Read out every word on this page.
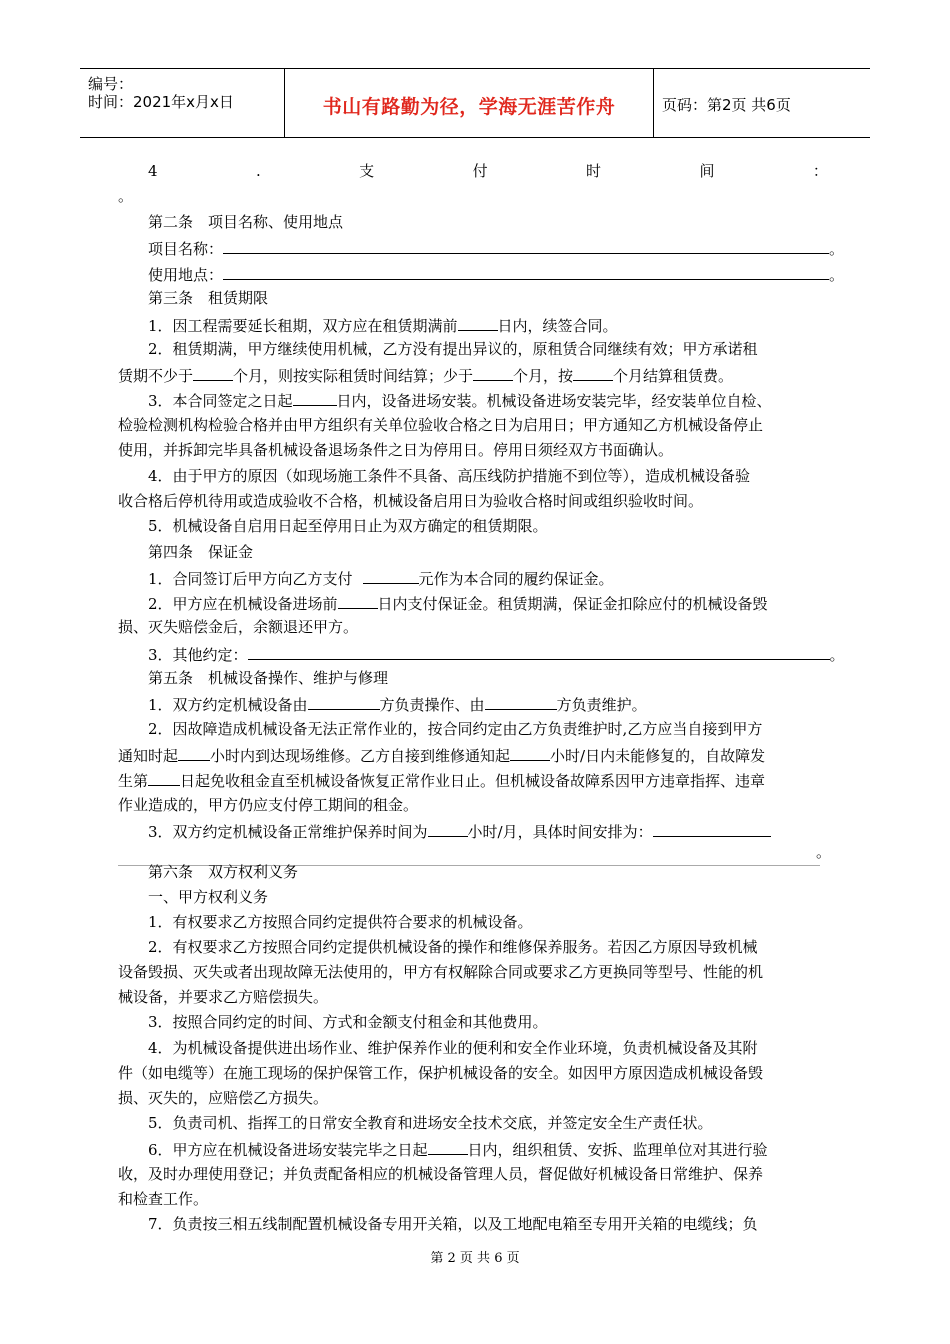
编号：
时间：2021年x月x日	书山有路勤为径，学海无涯苦作舟	页码：第2页 共6页
4	.	支	付	时	间	：
。
第二条　项目名称、使用地点
项目名称：	。
使用地点：	。
第三条　租赁期限
1．因工程需要延长租期，双方应在租赁期满前	日内，续签合同。
2．租赁期满，甲方继续使用机械，乙方没有提出异议的，原租赁合同继续有效；甲方承诺租
赁期不少于	个月，则按实际租赁时间结算；少于	个月，按	个月结算租赁费。
3．本合同签定之日起	日内，设备进场安装。机械设备进场安装完毕，经安装单位自检、
检验检测机构检验合格并由甲方组织有关单位验收合格之日为启用日；甲方通知乙方机械设备停止
使用，并拆卸完毕具备机械设备退场条件之日为停用日。停用日须经双方书面确认。
4．由于甲方的原因（如现场施工条件不具备、高压线防护措施不到位等），造成机械设备验
收合格后停机待用或造成验收不合格，机械设备启用日为验收合格时间或组织验收时间。
5．机械设备自启用日起至停用日止为双方确定的租赁期限。
第四条　保证金
1．合同签订后甲方向乙方支付	元作为本合同的履约保证金。
2．甲方应在机械设备进场前	日内支付保证金。租赁期满，保证金扣除应付的机械设备毁
损、灭失赔偿金后，余额退还甲方。
3．其他约定：	。
第五条　机械设备操作、维护与修理
1．双方约定机械设备由	方负责操作、由	方负责维护。
2．因故障造成机械设备无法正常作业的，按合同约定由乙方负责维护时,乙方应当自接到甲方
通知时起 小时内到达现场维修。乙方自接到维修通知起	小时/日内未能修复的，自故障发
生第 日起免收租金直至机械设备恢复正常作业日止。但机械设备故障系因甲方违章指挥、违章
作业造成的，甲方仍应支付停工期间的租金。
3．双方约定机械设备正常维护保养时间为	小时/月，具体时间安排为：
。
第六条　双方权利义务
一、甲方权利义务
1．有权要求乙方按照合同约定提供符合要求的机械设备。
2．有权要求乙方按照合同约定提供机械设备的操作和维修保养服务。若因乙方原因导致机械
设备毁损、灭失或者出现故障无法使用的，甲方有权解除合同或要求乙方更换同等型号、性能的机
械设备，并要求乙方赔偿损失。
3．按照合同约定的时间、方式和金额支付租金和其他费用。
4．为机械设备提供进出场作业、维护保养作业的便利和安全作业环境，负责机械设备及其附
件（如电缆等）在施工现场的保护保管工作，保护机械设备的安全。如因甲方原因造成机械设备毁
损、灭失的，应赔偿乙方损失。
5．负责司机、指挥工的日常安全教育和进场安全技术交底，并签定安全生产责任状。
6．甲方应在机械设备进场安装完毕之日起	日内，组织租赁、安拆、监理单位对其进行验
收，及时办理使用登记；并负责配备相应的机械设备管理人员，督促做好机械设备日常维护、保养
和检查工作。
7．负责按三相五线制配置机械设备专用开关箱，以及工地配电箱至专用开关箱的电缆线；负
第 2 页 共 6 页
